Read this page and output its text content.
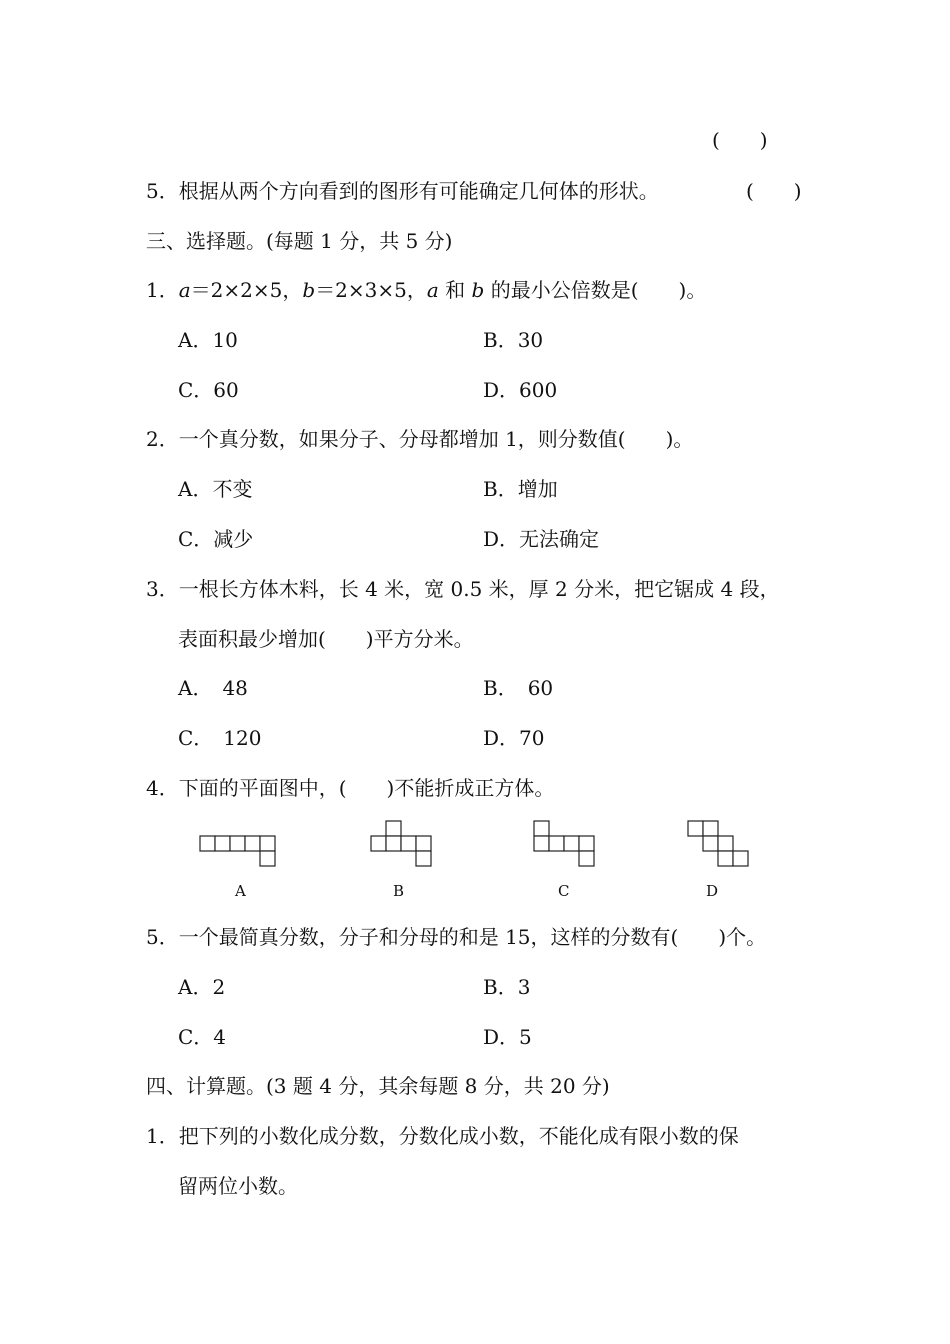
(　　)
5．根据从两个方向看到的图形有可能确定几何体的形状。	(　　)
三、选择题。(每题 1 分，共 5 分)
1．a＝2×2×5，b＝2×3×5，a 和 b 的最小公倍数是(　　)。
A．10	B．30
C．60	D．600
2．一个真分数，如果分子、分母都增加 1，则分数值(　　)。
A．不变	B．增加
C．减少	D．无法确定
3．一根长方体木料，长 4 米，宽 0.5 米，厚 2 分米，把它锯成 4 段，
表面积最少增加(　　)平方分米。
A．　48	B．　60
C．　120	D．70
4．下面的平面图中，(　　)不能折成正方体。
A	B	C	D
5．一个最简真分数，分子和分母的和是 15，这样的分数有(　　)个。
A．2	B．3
C．4	D．5
四、计算题。(3 题 4 分，其余每题 8 分，共 20 分)
1．把下列的小数化成分数，分数化成小数，不能化成有限小数的保
留两位小数。
